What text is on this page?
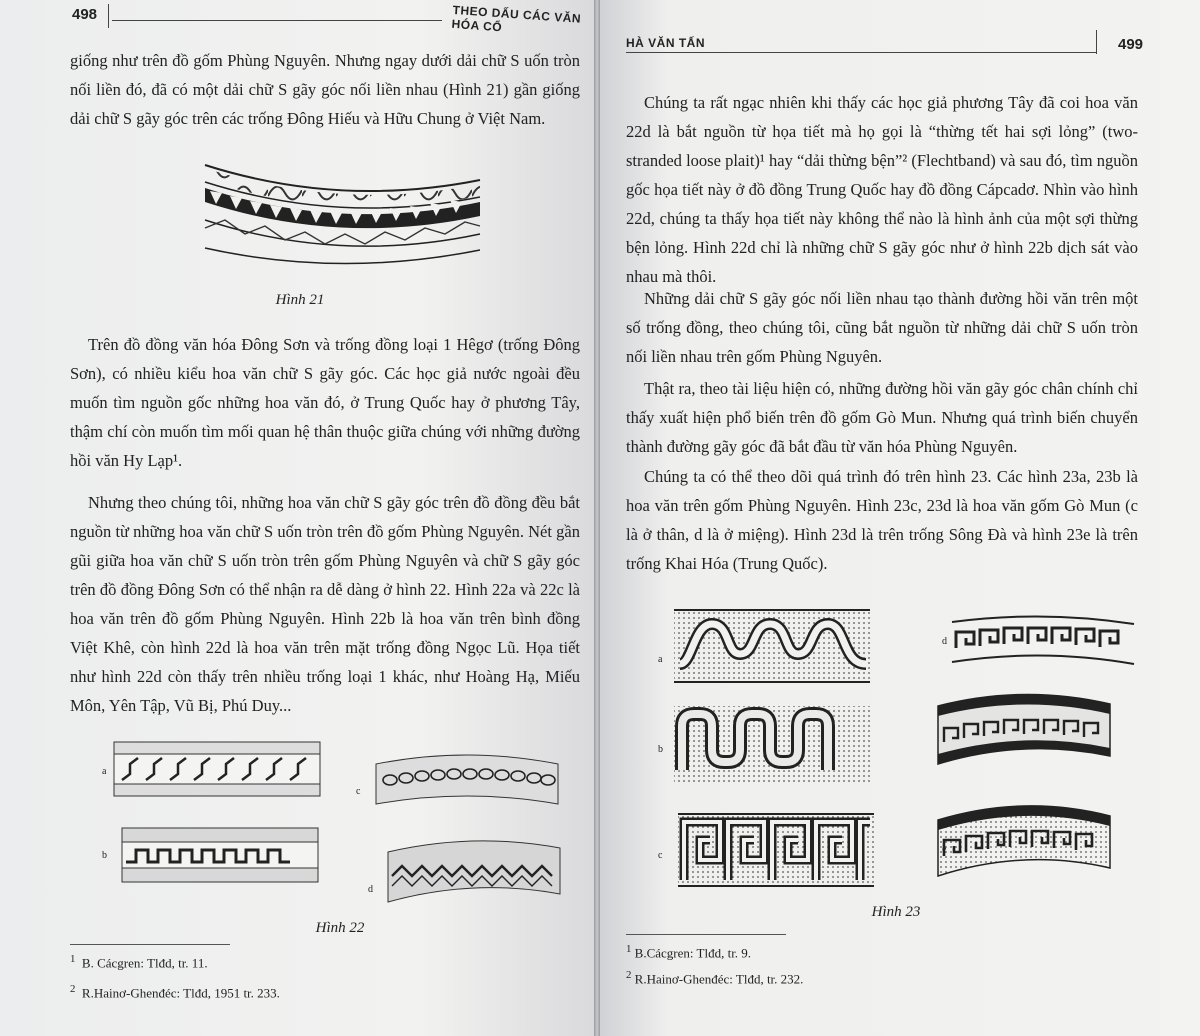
498	THEO DẤU CÁC VĂN HÓA CỔ
giống như trên đồ gốm Phùng Nguyên. Nhưng ngay dưới dải chữ S uốn tròn nối liền đó, đã có một dải chữ S gãy góc nối liền nhau (Hình 21) gần giống dải chữ S gãy góc trên các trống Đông Hiếu và Hữu Chung ở Việt Nam.
Hình 21
Trên đồ đồng văn hóa Đông Sơn và trống đồng loại 1 Hêgơ (trống Đông Sơn), có nhiều kiểu hoa văn chữ S gãy góc. Các học giả nước ngoài đều muốn tìm nguồn gốc những hoa văn đó, ở Trung Quốc hay ở phương Tây, thậm chí còn muốn tìm mối quan hệ thân thuộc giữa chúng với những đường hồi văn Hy Lạp¹.
Nhưng theo chúng tôi, những hoa văn chữ S gãy góc trên đồ đồng đều bắt nguồn từ những hoa văn chữ S uốn tròn trên đồ gốm Phùng Nguyên. Nét gần gũi giữa hoa văn chữ S uốn tròn trên gốm Phùng Nguyên và chữ S gãy góc trên đồ đồng Đông Sơn có thể nhận ra dễ dàng ở hình 22. Hình 22a và 22c là hoa văn trên đồ gốm Phùng Nguyên. Hình 22b là hoa văn trên bình đồng Việt Khê, còn hình 22d là hoa văn trên mặt trống đồng Ngọc Lũ. Họa tiết như hình 22d còn thấy trên nhiều trống loại 1 khác, như Hoàng Hạ, Miếu Môn, Yên Tập, Vũ Bị, Phú Duy...
a
b
c
d
Hình 22
$^1$ B. Cácgren: Tlđd, tr. 11.
$^2$ R.Hainơ-Ghenđéc: Tlđd, 1951 tr. 233.
HÀ VĂN TẤN	499
Chúng ta rất ngạc nhiên khi thấy các học giả phương Tây đã coi hoa văn 22d là bắt nguồn từ họa tiết mà họ gọi là “thừng tết hai sợi lỏng” (two-stranded loose plait)¹ hay “dải thừng bện”² (Flechtband) và sau đó, tìm nguồn gốc họa tiết này ở đồ đồng Trung Quốc hay đồ đồng Cápcadơ. Nhìn vào hình 22d, chúng ta thấy họa tiết này không thể nào là hình ảnh của một sợi thừng bện lỏng. Hình 22d chỉ là những chữ S gãy góc như ở hình 22b dịch sát vào nhau mà thôi.
Những dải chữ S gãy góc nối liền nhau tạo thành đường hồi văn trên một số trống đồng, theo chúng tôi, cũng bắt nguồn từ những dải chữ S uốn tròn nối liền nhau trên gốm Phùng Nguyên.
Thật ra, theo tài liệu hiện có, những đường hồi văn gãy góc chân chính chỉ thấy xuất hiện phổ biến trên đồ gốm Gò Mun. Nhưng quá trình biến chuyển thành đường gãy góc đã bắt đầu từ văn hóa Phùng Nguyên.
Chúng ta có thể theo dõi quá trình đó trên hình 23. Các hình 23a, 23b là hoa văn trên gốm Phùng Nguyên. Hình 23c, 23d là hoa văn gốm Gò Mun (c là ở thân, d là ở miệng). Hình 23d là trên trống Sông Đà và hình 23e là trên trống Khai Hóa (Trung Quốc).
a
b
c
d
Hình 23
$^1$ B.Cácgren: Tlđd, tr. 9.
$^2$ R.Hainơ-Ghenđéc: Tlđd, tr. 232.
